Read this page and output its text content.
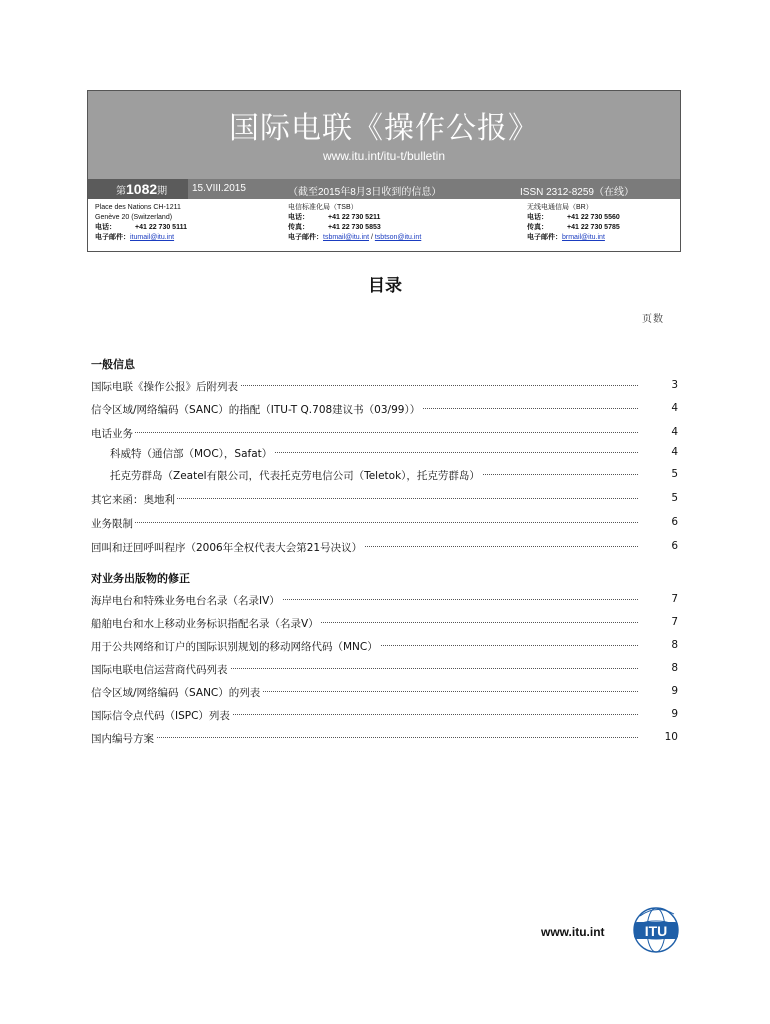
国际电联《操作公报》
www.itu.int/itu-t/bulletin
第1082期 15.VIII.2015	（截至2015年8月3日收到的信息）	ISSN 2312-8259（在线）
Place des Nations CH-1211
Genève 20 (Switzerland)
电话：	+41 22 730 5111
电子邮件：itumail@itu.int
电信标准化局（TSB）
电话：	+41 22 730 5211
传真：	+41 22 730 5853
电子邮件：tsbmail@itu.int / tsbtson@itu.int
无线电通信局（BR）
电话：	+41 22 730 5560
传真：	+41 22 730 5785
电子邮件：brmail@itu.int
目录
页数
一般信息
国际电联《操作公报》后附列表	3
信令区域/网络编码（SANC）的指配（ITU-T Q.708建议书（03/99））	4
电话业务	4
科威特（通信部（MOC），Safat）	4
托克劳群岛（Zeatel有限公司，代表托克劳电信公司（Teletok），托克劳群岛）	5
其它来函：奥地利	5
业务限制	6
回叫和迂回呼叫程序（2006年全权代表大会第21号决议）	6
对业务出版物的修正
海岸电台和特殊业务电台名录（名录IV）	7
船舶电台和水上移动业务标识指配名录（名录V）	7
用于公共网络和订户的国际识别规划的移动网络代码（MNC）	8
国际电联电信运营商代码列表	8
信令区域/网络编码（SANC）的列表	9
国际信令点代码（ISPC）列表	9
国内编号方案	10
www.itu.int	ITU
